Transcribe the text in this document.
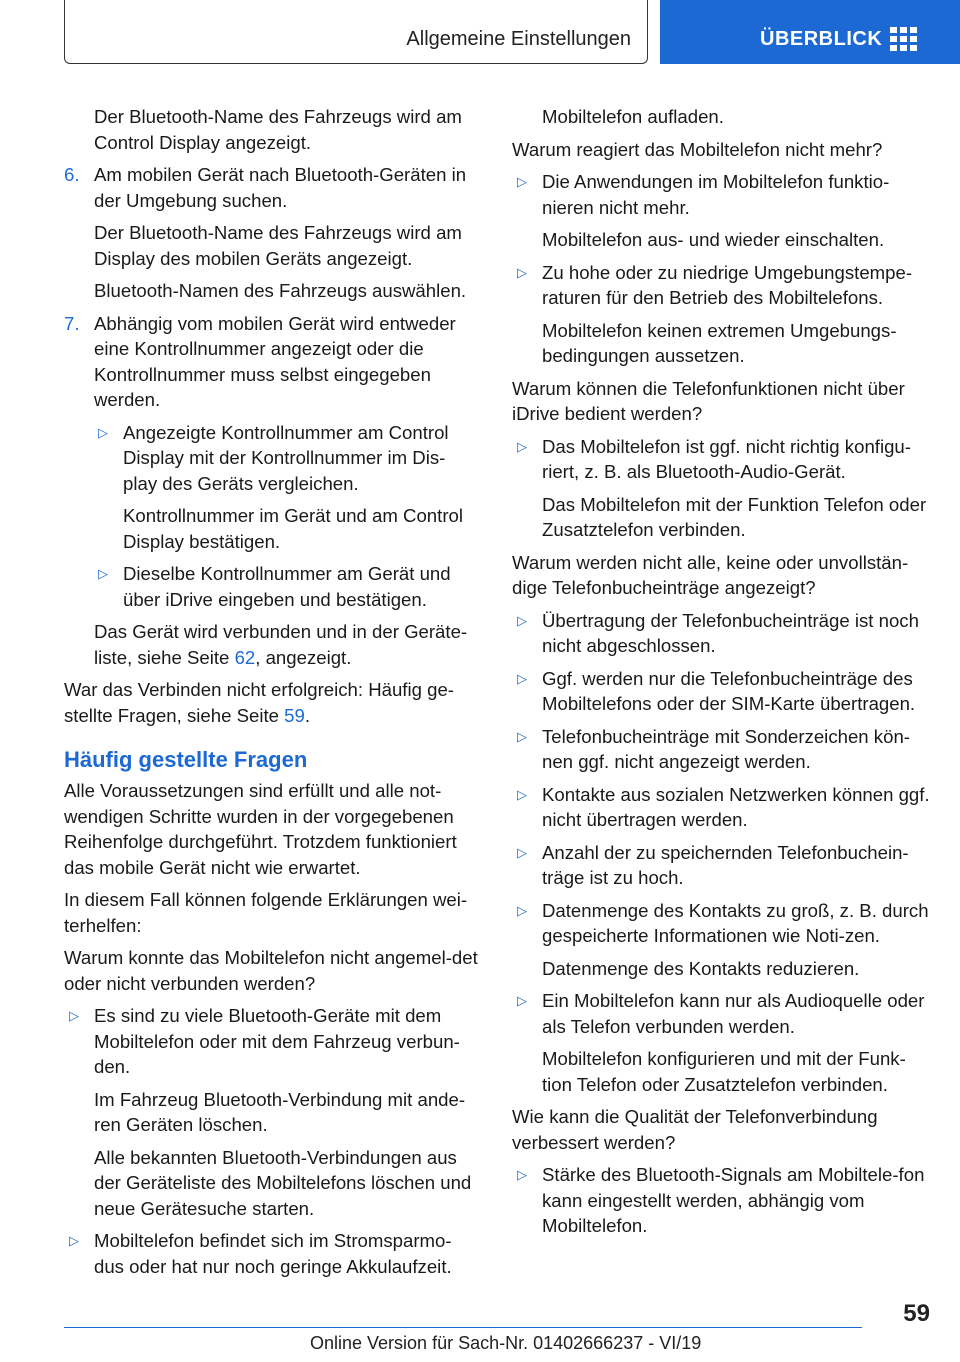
Allgemeine Einstellungen	ÜBERBLICK

Der Bluetooth-Name des Fahrzeugs wird am Control Display angezeigt.

6. Am mobilen Gerät nach Bluetooth-Geräten in der Umgebung suchen.

Der Bluetooth-Name des Fahrzeugs wird am Display des mobilen Geräts angezeigt.

Bluetooth-Namen des Fahrzeugs auswählen.

7. Abhängig vom mobilen Gerät wird entweder eine Kontrollnummer angezeigt oder die Kontrollnummer muss selbst eingegeben werden.

▷ Angezeigte Kontrollnummer am Control Display mit der Kontrollnummer im Dis-play des Geräts vergleichen.

Kontrollnummer im Gerät und am Control Display bestätigen.

▷ Dieselbe Kontrollnummer am Gerät und über iDrive eingeben und bestätigen.

Das Gerät wird verbunden und in der Geräte-liste, siehe Seite 62, angezeigt.

War das Verbinden nicht erfolgreich: Häufig ge-stellte Fragen, siehe Seite 59.

Häufig gestellte Fragen

Alle Voraussetzungen sind erfüllt und alle not-wendigen Schritte wurden in der vorgegebenen Reihenfolge durchgeführt. Trotzdem funktioniert das mobile Gerät nicht wie erwartet.

In diesem Fall können folgende Erklärungen wei-terhelfen:

Warum konnte das Mobiltelefon nicht angemel-det oder nicht verbunden werden?

▷ Es sind zu viele Bluetooth-Geräte mit dem Mobiltelefon oder mit dem Fahrzeug verbun-den.

Im Fahrzeug Bluetooth-Verbindung mit ande-ren Geräten löschen.

Alle bekannten Bluetooth-Verbindungen aus der Geräteliste des Mobiltelefons löschen und neue Gerätesuche starten.

▷ Mobiltelefon befindet sich im Stromsparmo-dus oder hat nur noch geringe Akkulaufzeit.

Mobiltelefon aufladen.

Warum reagiert das Mobiltelefon nicht mehr?

▷ Die Anwendungen im Mobiltelefon funktio-nieren nicht mehr.

Mobiltelefon aus- und wieder einschalten.

▷ Zu hohe oder zu niedrige Umgebungstempe-raturen für den Betrieb des Mobiltelefons.

Mobiltelefon keinen extremen Umgebungs-bedingungen aussetzen.

Warum können die Telefonfunktionen nicht über iDrive bedient werden?

▷ Das Mobiltelefon ist ggf. nicht richtig konfigu-riert, z. B. als Bluetooth-Audio-Gerät.

Das Mobiltelefon mit der Funktion Telefon oder Zusatztelefon verbinden.

Warum werden nicht alle, keine oder unvollstän-dige Telefonbucheinträge angezeigt?

▷ Übertragung der Telefonbucheinträge ist noch nicht abgeschlossen.

▷ Ggf. werden nur die Telefonbucheinträge des Mobiltelefons oder der SIM-Karte übertragen.

▷ Telefonbucheinträge mit Sonderzeichen kön-nen ggf. nicht angezeigt werden.

▷ Kontakte aus sozialen Netzwerken können ggf. nicht übertragen werden.

▷ Anzahl der zu speichernden Telefonbuchein-träge ist zu hoch.

▷ Datenmenge des Kontakts zu groß, z. B. durch gespeicherte Informationen wie Noti-zen.

Datenmenge des Kontakts reduzieren.

▷ Ein Mobiltelefon kann nur als Audioquelle oder als Telefon verbunden werden.

Mobiltelefon konfigurieren und mit der Funk-tion Telefon oder Zusatztelefon verbinden.

Wie kann die Qualität der Telefonverbindung verbessert werden?

▷ Stärke des Bluetooth-Signals am Mobiltele-fon kann eingestellt werden, abhängig vom Mobiltelefon.

59
Online Version für Sach-Nr. 01402666237 - VI/19
